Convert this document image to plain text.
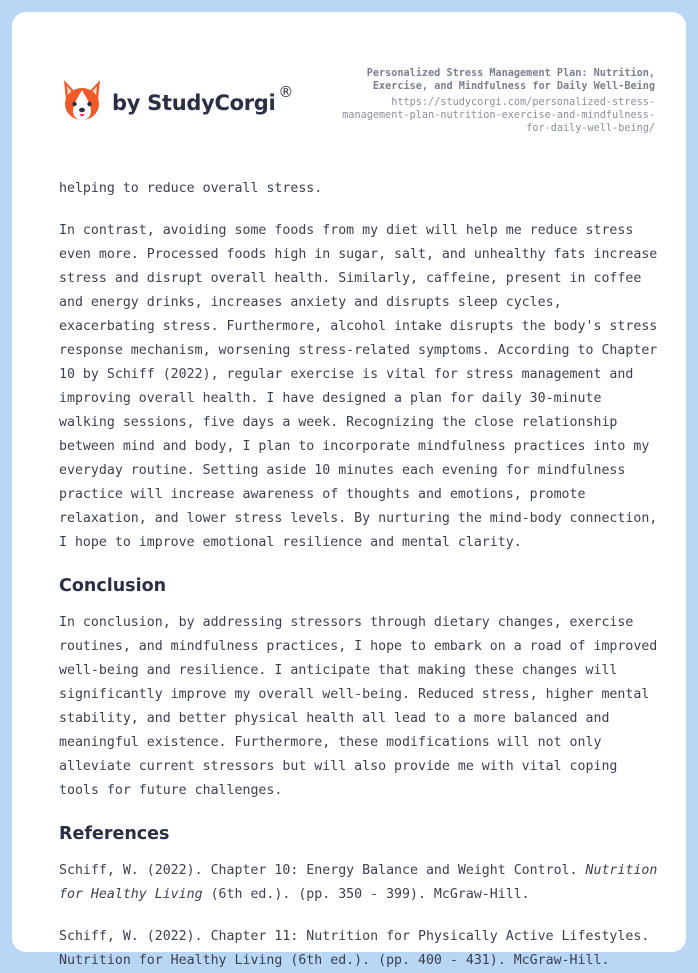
by StudyCorgi ®
Personalized Stress Management Plan: Nutrition, Exercise, and Mindfulness for Daily Well-Being
https://studycorgi.com/personalized-stress-management-plan-nutrition-exercise-and-mindfulness-for-daily-well-being/

helping to reduce overall stress.

In contrast, avoiding some foods from my diet will help me reduce stress even more. Processed foods high in sugar, salt, and unhealthy fats increase stress and disrupt overall health. Similarly, caffeine, present in coffee and energy drinks, increases anxiety and disrupts sleep cycles, exacerbating stress. Furthermore, alcohol intake disrupts the body's stress response mechanism, worsening stress-related symptoms. According to Chapter 10 by Schiff (2022), regular exercise is vital for stress management and improving overall health. I have designed a plan for daily 30-minute walking sessions, five days a week. Recognizing the close relationship between mind and body, I plan to incorporate mindfulness practices into my everyday routine. Setting aside 10 minutes each evening for mindfulness practice will increase awareness of thoughts and emotions, promote relaxation, and lower stress levels. By nurturing the mind-body connection, I hope to improve emotional resilience and mental clarity.

Conclusion

In conclusion, by addressing stressors through dietary changes, exercise routines, and mindfulness practices, I hope to embark on a road of improved well-being and resilience. I anticipate that making these changes will significantly improve my overall well-being. Reduced stress, higher mental stability, and better physical health all lead to a more balanced and meaningful existence. Furthermore, these modifications will not only alleviate current stressors but will also provide me with vital coping tools for future challenges.

References

Schiff, W. (2022). Chapter 10: Energy Balance and Weight Control. Nutrition for Healthy Living (6th ed.). (pp. 350 - 399). McGraw-Hill.

Schiff, W. (2022). Chapter 11: Nutrition for Physically Active Lifestyles. Nutrition for Healthy Living (6th ed.). (pp. 400 - 431). McGraw-Hill.
